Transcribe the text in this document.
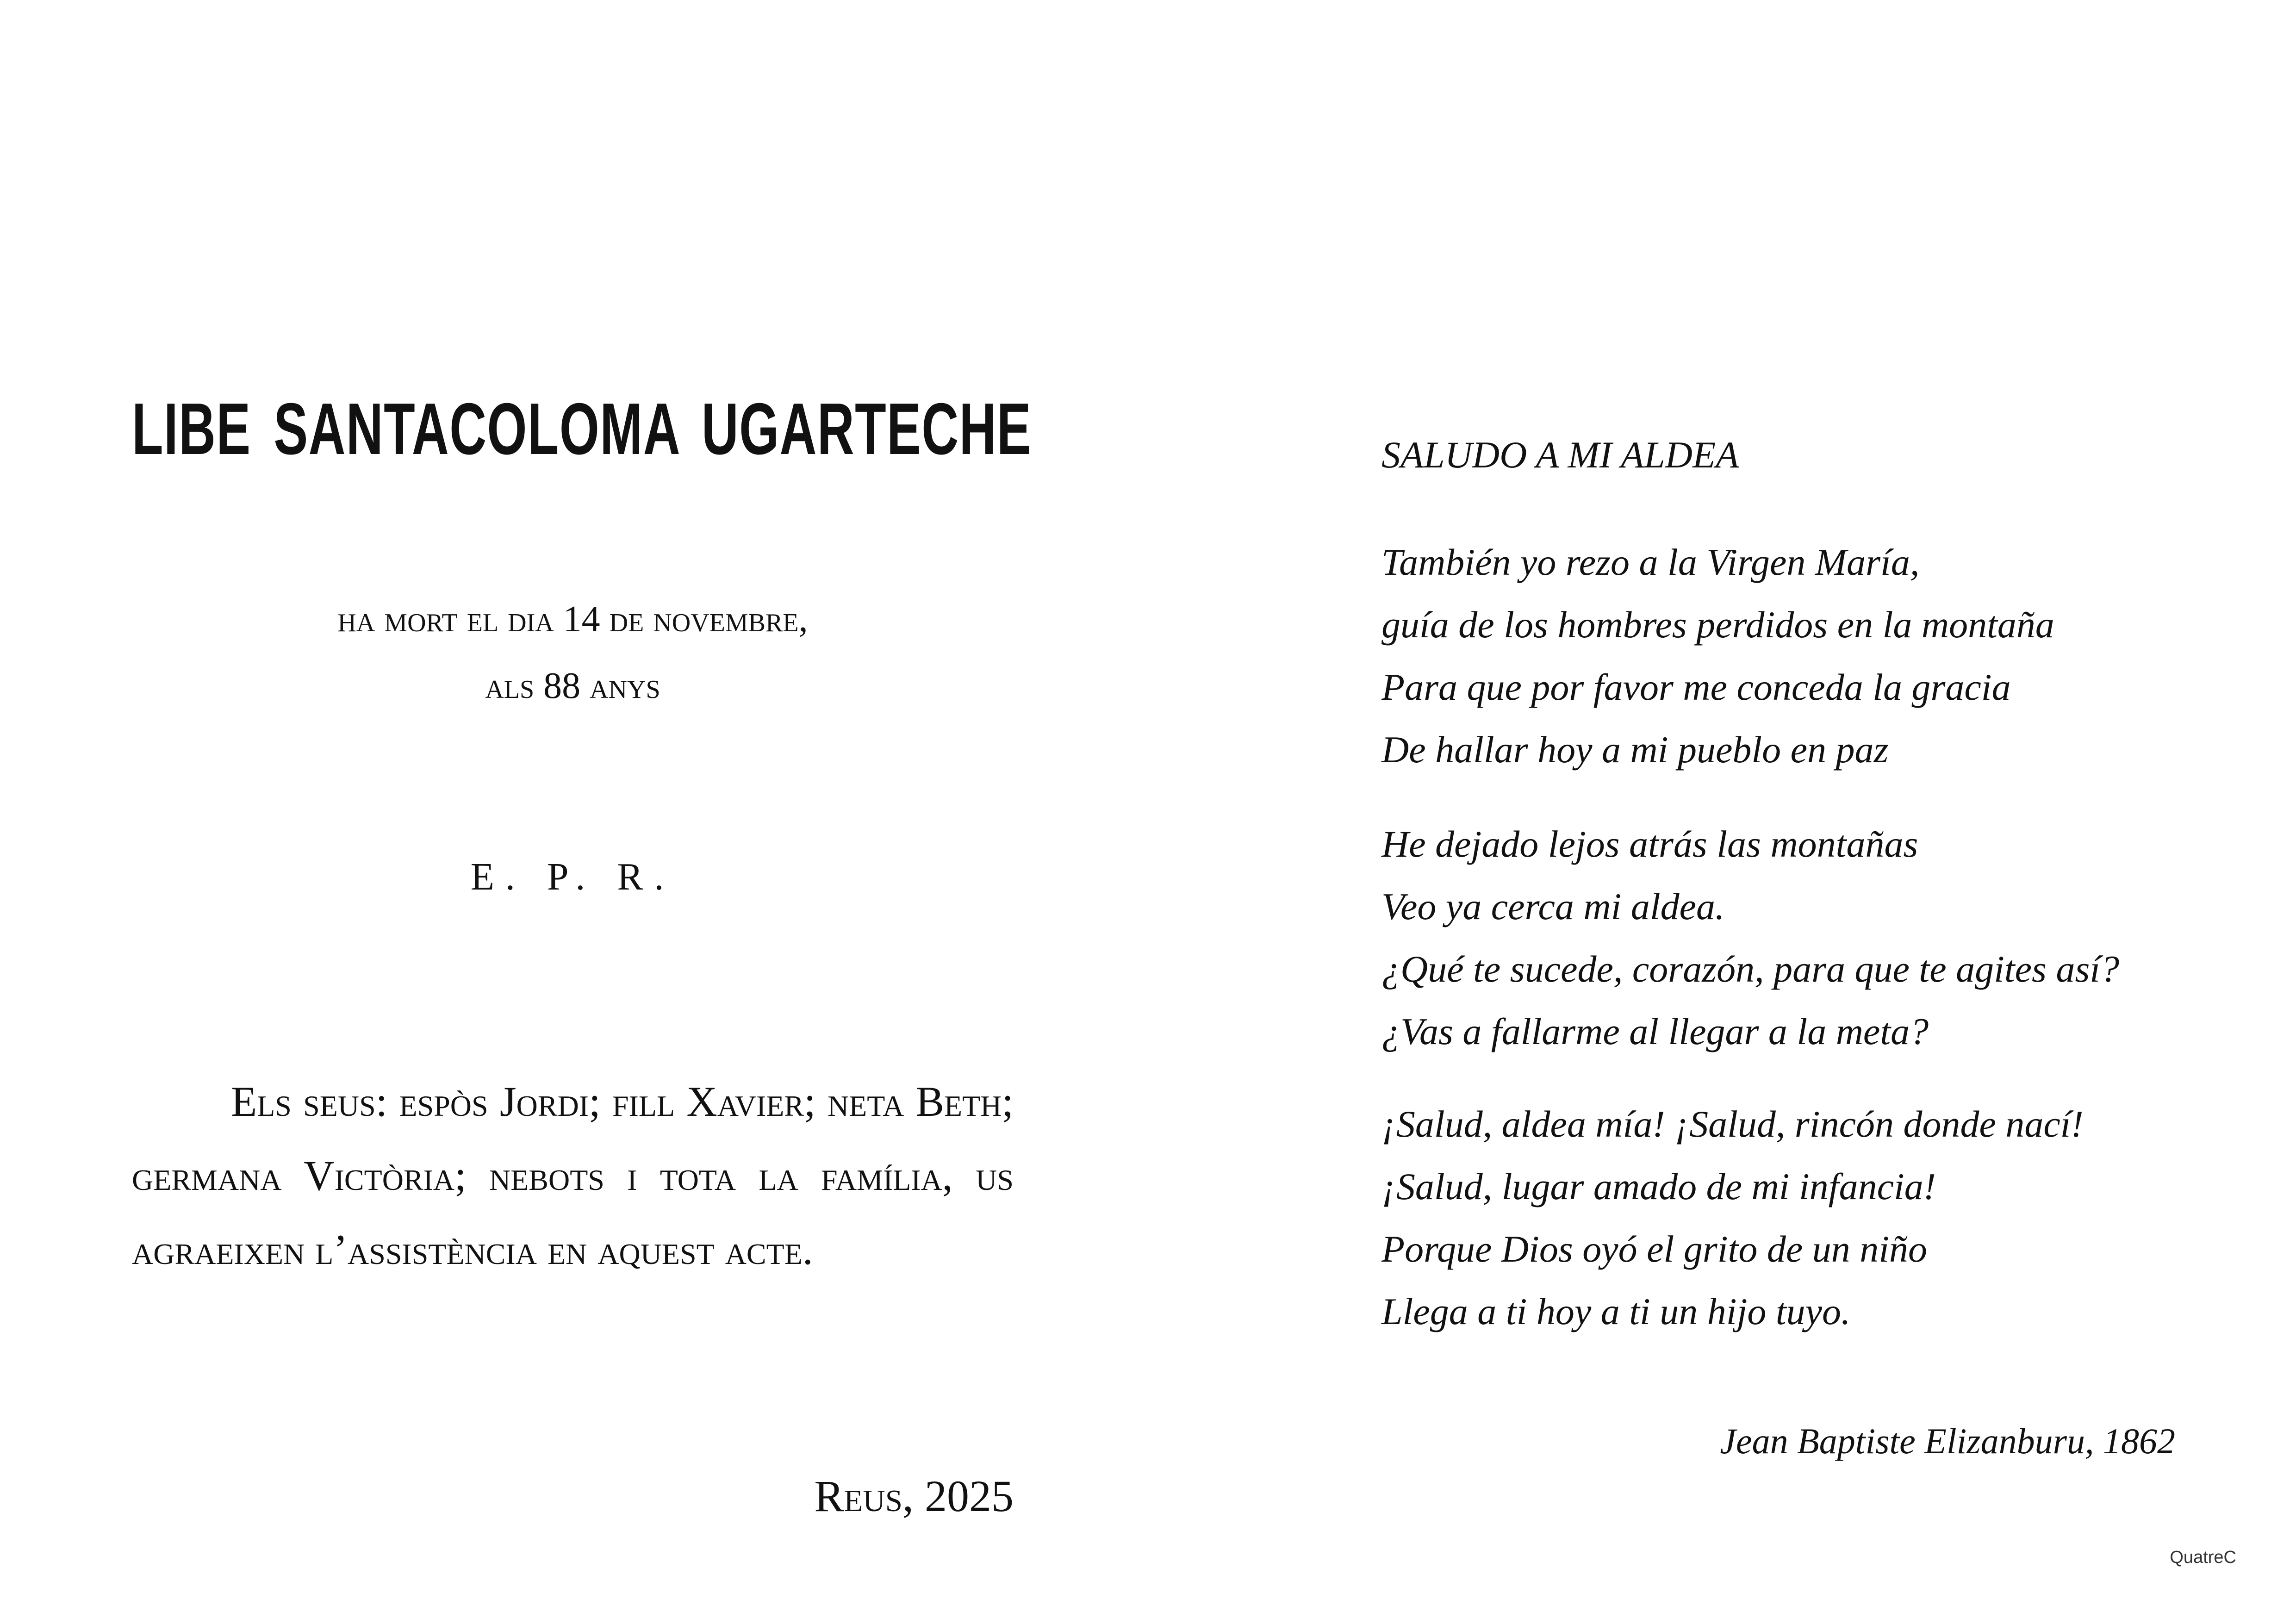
LIBE SANTACOLOMA UGARTECHE
ha mort el dia 14 de novembre,
als 88 anys
E. P. R.

Els seus: espòs Jordi; fill Xavier; neta Beth; germana Victòria; nebots i tota la família, us agraeixen l’assistència en aquest acte.

Reus, 2025
SALUDO A MI ALDEA
También yo rezo a la Virgen María,
guía de los hombres perdidos en la montaña
Para que por favor me conceda la gracia
De hallar hoy a mi pueblo en paz
He dejado lejos atrás las montañas
Veo ya cerca mi aldea.
¿Qué te sucede, corazón, para que te agites así?
¿Vas a fallarme al llegar a la meta?
¡Salud, aldea mía! ¡Salud, rincón donde nací!
¡Salud, lugar amado de mi infancia!
Porque Dios oyó el grito de un niño
Llega a ti hoy a ti un hijo tuyo.
Jean Baptiste Elizanburu, 1862
QuatreC
